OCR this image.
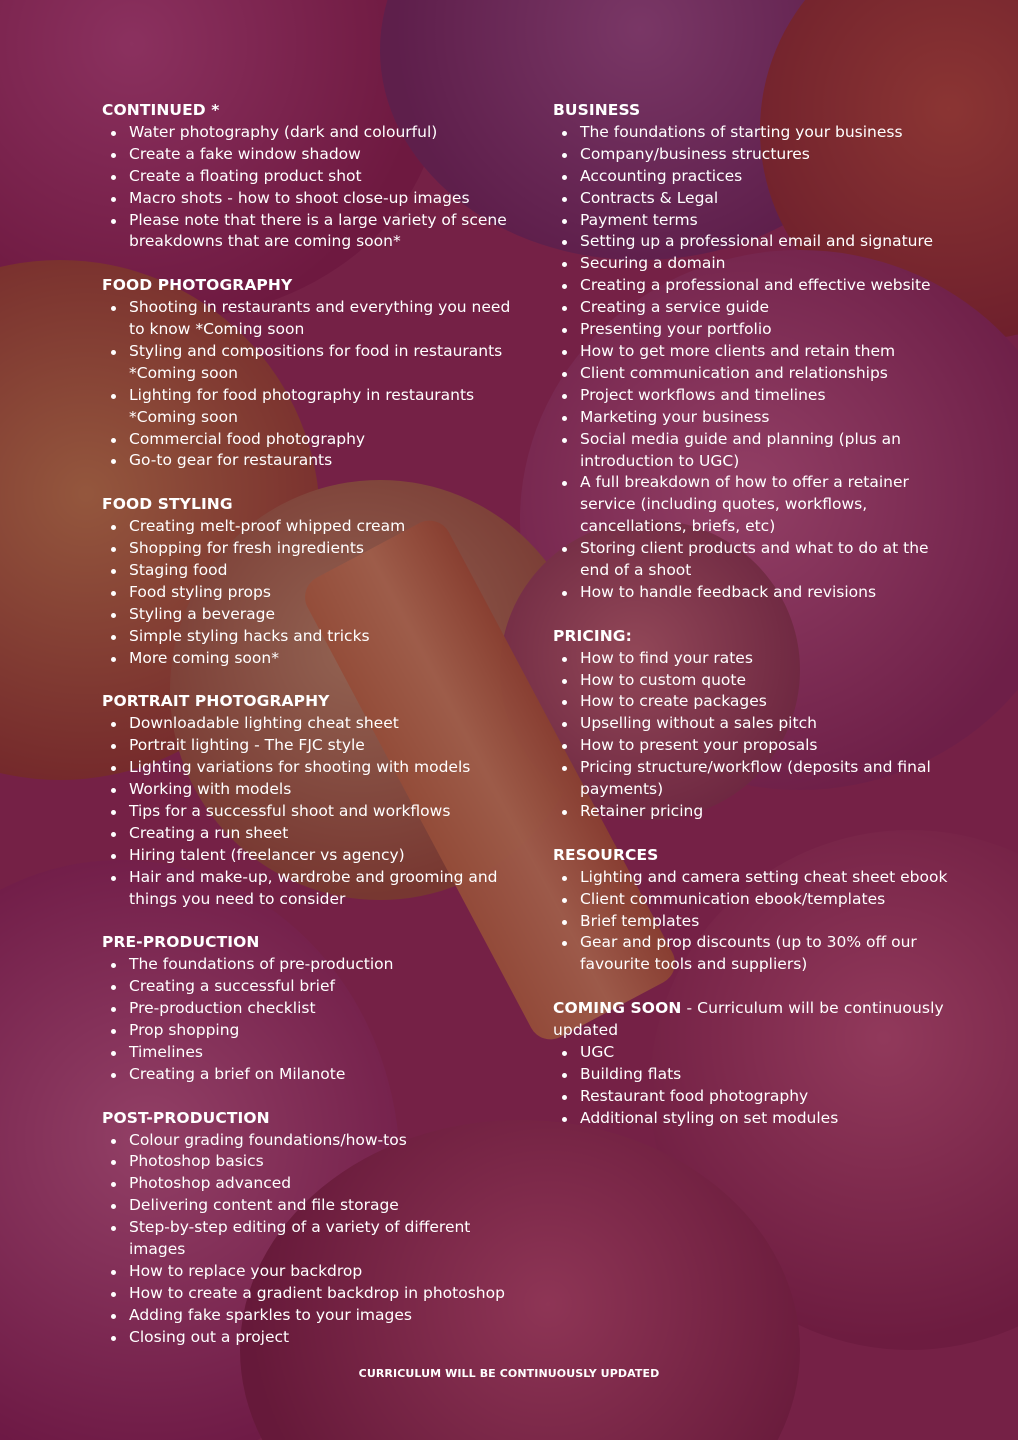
CONTINUED *
Water photography (dark and colourful)
Create a fake window shadow
Create a floating product shot
Macro shots - how to shoot close-up images
Please note that there is a large variety of scene breakdowns that are coming soon*
FOOD PHOTOGRAPHY
Shooting in restaurants and everything you need to know *Coming soon
Styling and compositions for food in restaurants *Coming soon
Lighting for food photography in restaurants *Coming soon
Commercial food photography
Go-to gear for restaurants
FOOD STYLING
Creating melt-proof whipped cream
Shopping for fresh ingredients
Staging food
Food styling props
Styling a beverage
Simple styling hacks and tricks
More coming soon*
PORTRAIT PHOTOGRAPHY
Downloadable lighting cheat sheet
Portrait lighting - The FJC style
Lighting variations for shooting with models
Working with models
Tips for a successful shoot and workflows
Creating a run sheet
Hiring talent (freelancer vs agency)
Hair and make-up, wardrobe and grooming and things you need to consider
PRE-PRODUCTION
The foundations of pre-production
Creating a successful brief
Pre-production checklist
Prop shopping
Timelines
Creating a brief on Milanote
POST-PRODUCTION
Colour grading foundations/how-tos
Photoshop basics
Photoshop advanced
Delivering content and file storage
Step-by-step editing of a variety of different images
How to replace your backdrop
How to create a gradient backdrop in photoshop
Adding fake sparkles to your images
Closing out a project
BUSINESS
The foundations of starting your business
Company/business structures
Accounting practices
Contracts & Legal
Payment terms
Setting up a professional email and signature
Securing a domain
Creating a professional and effective website
Creating a service guide
Presenting your portfolio
How to get more clients and retain them
Client communication and relationships
Project workflows and timelines
Marketing your business
Social media guide and planning (plus an introduction to UGC)
A full breakdown of how to offer a retainer service (including quotes, workflows, cancellations, briefs, etc)
Storing client products and what to do at the end of a shoot
How to handle feedback and revisions
PRICING:
How to find your rates
How to custom quote
How to create packages
Upselling without a sales pitch
How to present your proposals
Pricing structure/workflow (deposits and final payments)
Retainer pricing
RESOURCES
Lighting and camera setting cheat sheet ebook
Client communication ebook/templates
Brief templates
Gear and prop discounts (up to 30% off our favourite tools and suppliers)
COMING SOON - Curriculum will be continuously updated
UGC
Building flats
Restaurant food photography
Additional styling on set modules
CURRICULUM WILL BE CONTINUOUSLY UPDATED
